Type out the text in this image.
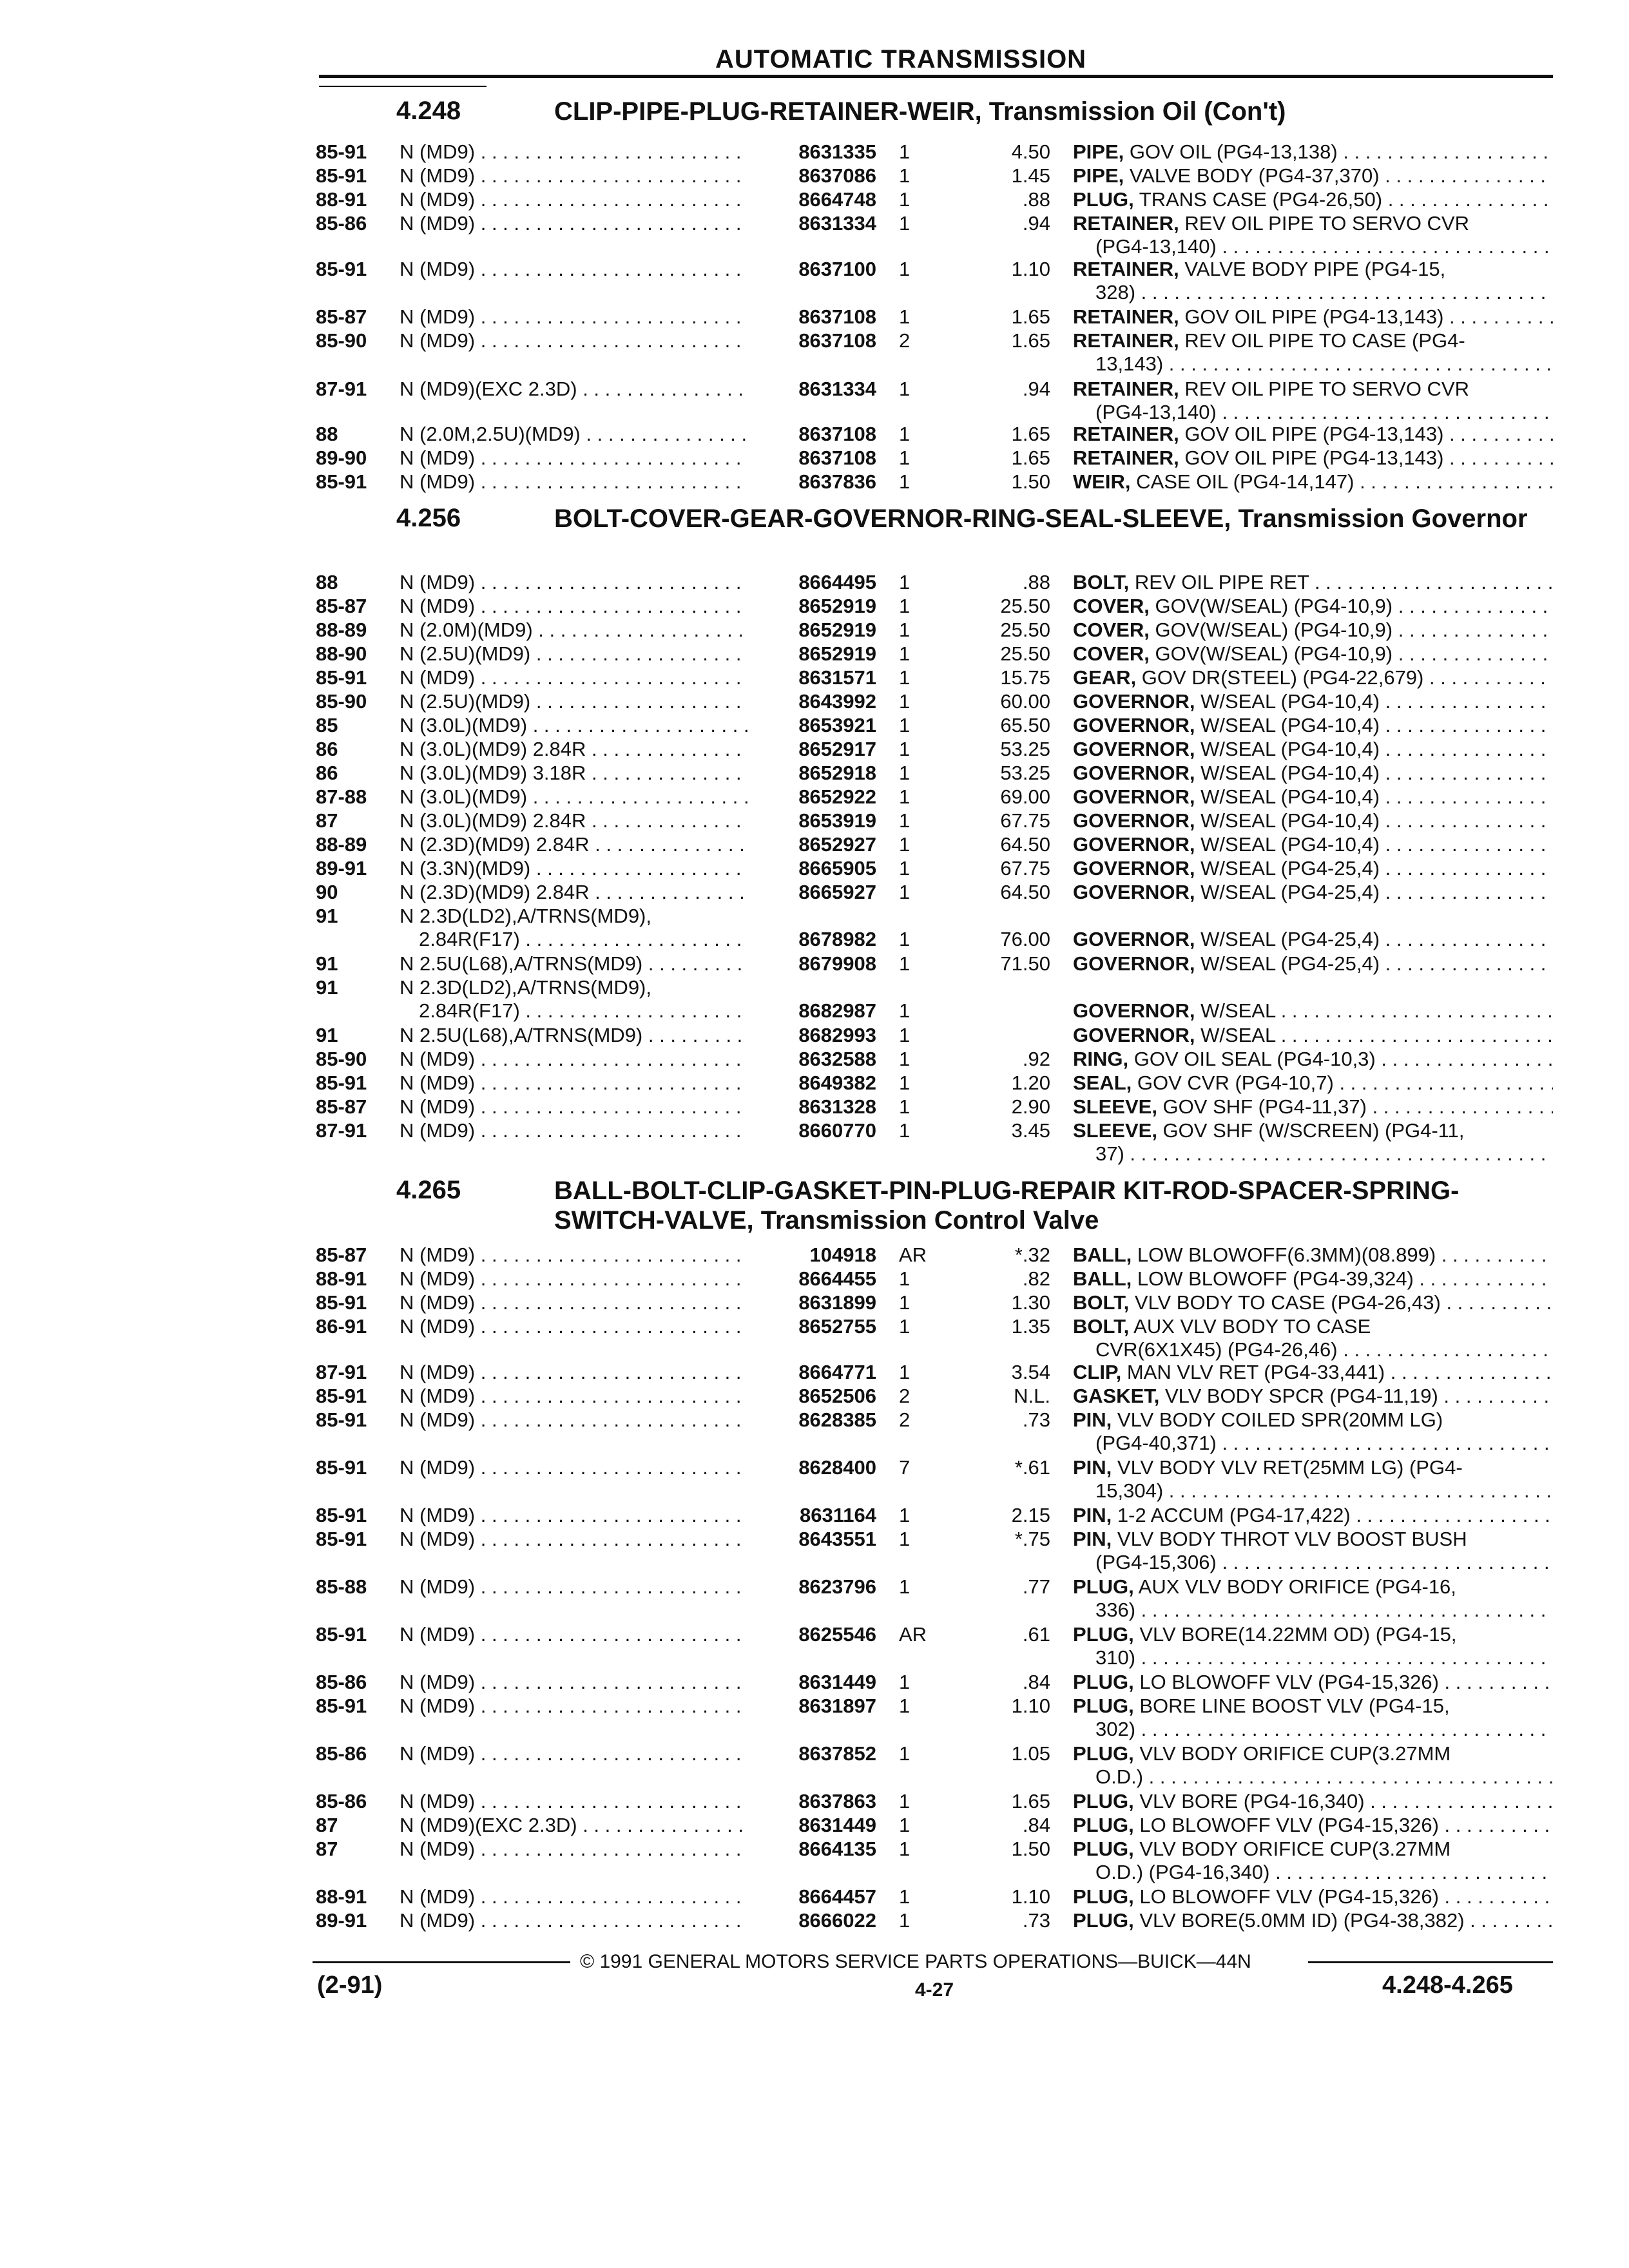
AUTOMATIC TRANSMISSION
4.248	CLIP-PIPE-PLUG-RETAINER-WEIR, Transmission Oil (Con't)
85-91 N (MD9) . . .	8631335 1	4.50 PIPE, GOV OIL (PG4-13,138) . . .
85-91 N (MD9) . . .	8637086 1	1.45 PIPE, VALVE BODY (PG4-37,370) . . .
88-91 N (MD9) . . .	8664748 1	.88 PLUG, TRANS CASE (PG4-26,50) . . .
85-86 N (MD9) . . .	8631334 1	.94 RETAINER, REV OIL PIPE TO SERVO CVR
(PG4-13,140) . . .
85-91 N (MD9) . . .	8637100 1	1.10 RETAINER, VALVE BODY PIPE (PG4-15,
328) . . .
85-87 N (MD9) . . .	8637108 1	1.65 RETAINER, GOV OIL PIPE (PG4-13,143) . . .
85-90 N (MD9) . . .	8637108 2	1.65 RETAINER, REV OIL PIPE TO CASE (PG4-
13,143) . . .
87-91 N (MD9)(EXC 2.3D) . . .	8631334 1	.94 RETAINER, REV OIL PIPE TO SERVO CVR
(PG4-13,140) . . .
88	N (2.0M,2.5U)(MD9) . . .	8637108 1	1.65 RETAINER, GOV OIL PIPE (PG4-13,143) . . .
89-90 N (MD9) . . .	8637108 1	1.65 RETAINER, GOV OIL PIPE (PG4-13,143) . . .
85-91 N (MD9) . . .	8637836 1	1.50 WEIR, CASE OIL (PG4-14,147) . . .
4.256	BOLT-COVER-GEAR-GOVERNOR-RING-SEAL-SLEEVE, Transmission Governor
88	N (MD9) . . .	8664495 1	.88 BOLT, REV OIL PIPE RET . . .
85-87 N (MD9) . . .	8652919 1	25.50 COVER, GOV(W/SEAL) (PG4-10,9) . . .
88-89 N (2.0M)(MD9) . . .	8652919 1	25.50 COVER, GOV(W/SEAL) (PG4-10,9) . . .
88-90 N (2.5U)(MD9) . . .	8652919 1	25.50 COVER, GOV(W/SEAL) (PG4-10,9) . . .
85-91 N (MD9) . . .	8631571 1	15.75 GEAR, GOV DR(STEEL) (PG4-22,679) . . .
85-90 N (2.5U)(MD9) . . .	8643992 1	60.00 GOVERNOR, W/SEAL (PG4-10,4) . . .
85	N (3.0L)(MD9) . . .	8653921 1	65.50 GOVERNOR, W/SEAL (PG4-10,4) . . .
86	N (3.0L)(MD9) 2.84R . . .	8652917 1	53.25 GOVERNOR, W/SEAL (PG4-10,4) . . .
86	N (3.0L)(MD9) 3.18R . . .	8652918 1	53.25 GOVERNOR, W/SEAL (PG4-10,4) . . .
87-88 N (3.0L)(MD9) . . .	8652922 1	69.00 GOVERNOR, W/SEAL (PG4-10,4) . . .
87	N (3.0L)(MD9) 2.84R . . .	8653919 1	67.75 GOVERNOR, W/SEAL (PG4-10,4) . . .
88-89 N (2.3D)(MD9) 2.84R . . .	8652927 1	64.50 GOVERNOR, W/SEAL (PG4-10,4) . . .
89-91 N (3.3N)(MD9) . . .	8665905 1	67.75 GOVERNOR, W/SEAL (PG4-25,4) . . .
90	N (2.3D)(MD9) 2.84R . . .	8665927 1	64.50 GOVERNOR, W/SEAL (PG4-25,4) . . .
91	N 2.3D(LD2),A/TRNS(MD9),
2.84R(F17) . . .	8678982 1	76.00 GOVERNOR, W/SEAL (PG4-25,4) . . .
91	N 2.5U(L68),A/TRNS(MD9) . . .	8679908 1	71.50 GOVERNOR, W/SEAL (PG4-25,4) . . .
91	N 2.3D(LD2),A/TRNS(MD9),
2.84R(F17) . . .	8682987 1	GOVERNOR, W/SEAL . . .
91	N 2.5U(L68),A/TRNS(MD9) . . .	8682993 1	GOVERNOR, W/SEAL . . .
85-90 N (MD9) . . .	8632588 1	.92 RING, GOV OIL SEAL (PG4-10,3) . . .
85-91 N (MD9) . . .	8649382 1	1.20 SEAL, GOV CVR (PG4-10,7) . . .
85-87 N (MD9) . . .	8631328 1	2.90 SLEEVE, GOV SHF (PG4-11,37) . . .
87-91 N (MD9) . . .	8660770 1	3.45 SLEEVE, GOV SHF (W/SCREEN) (PG4-11,
37) . . .
4.265	BALL-BOLT-CLIP-GASKET-PIN-PLUG-REPAIR KIT-ROD-SPACER-SPRING-SWITCH-VALVE, Transmission Control Valve
85-87 N (MD9) . . .	104918 AR	*.32 BALL, LOW BLOWOFF(6.3MM)(08.899) . . .
88-91 N (MD9) . . .	8664455 1	.82 BALL, LOW BLOWOFF (PG4-39,324) . . .
85-91 N (MD9) . . .	8631899 1	1.30 BOLT, VLV BODY TO CASE (PG4-26,43) . . .
86-91 N (MD9) . . .	8652755 1	1.35 BOLT, AUX VLV BODY TO CASE
CVR(6X1X45) (PG4-26,46) . . .
87-91 N (MD9) . . .	8664771 1	3.54 CLIP, MAN VLV RET (PG4-33,441) . . .
85-91 N (MD9) . . .	8652506 2	N.L. GASKET, VLV BODY SPCR (PG4-11,19) . . .
85-91 N (MD9) . . .	8628385 2	.73 PIN, VLV BODY COILED SPR(20MM LG)
(PG4-40,371) . . .
85-91 N (MD9) . . .	8628400 7	*.61 PIN, VLV BODY VLV RET(25MM LG) (PG4-
15,304) . . .
85-91 N (MD9) . . .	8631164 1	2.15 PIN, 1-2 ACCUM (PG4-17,422) . . .
85-91 N (MD9) . . .	8643551 1	*.75 PIN, VLV BODY THROT VLV BOOST BUSH
(PG4-15,306) . . .
85-88 N (MD9) . . .	8623796 1	.77 PLUG, AUX VLV BODY ORIFICE (PG4-16,
336) . . .
85-91 N (MD9) . . .	8625546 AR	.61 PLUG, VLV BORE(14.22MM OD) (PG4-15,
310) . . .
85-86 N (MD9) . . .	8631449 1	.84 PLUG, LO BLOWOFF VLV (PG4-15,326) . . .
85-91 N (MD9) . . .	8631897 1	1.10 PLUG, BORE LINE BOOST VLV (PG4-15,
302) . . .
85-86 N (MD9) . . .	8637852 1	1.05 PLUG, VLV BODY ORIFICE CUP(3.27MM
O.D.) . . .
85-86 N (MD9) . . .	8637863 1	1.65 PLUG, VLV BORE (PG4-16,340) . . .
87	N (MD9)(EXC 2.3D) . . .	8631449 1	.84 PLUG, LO BLOWOFF VLV (PG4-15,326) . . .
87	N (MD9) . . .	8664135 1	1.50 PLUG, VLV BODY ORIFICE CUP(3.27MM
O.D.) (PG4-16,340) . . .
88-91 N (MD9) . . .	8664457 1	1.10 PLUG, LO BLOWOFF VLV (PG4-15,326) . . .
89-91 N (MD9) . . .	8666022 1	.73 PLUG, VLV BORE(5.0MM ID) (PG4-38,382) . . .
© 1991 GENERAL MOTORS SERVICE PARTS OPERATIONS—BUICK—44N
(2-91)	4-27	4.248-4.265
